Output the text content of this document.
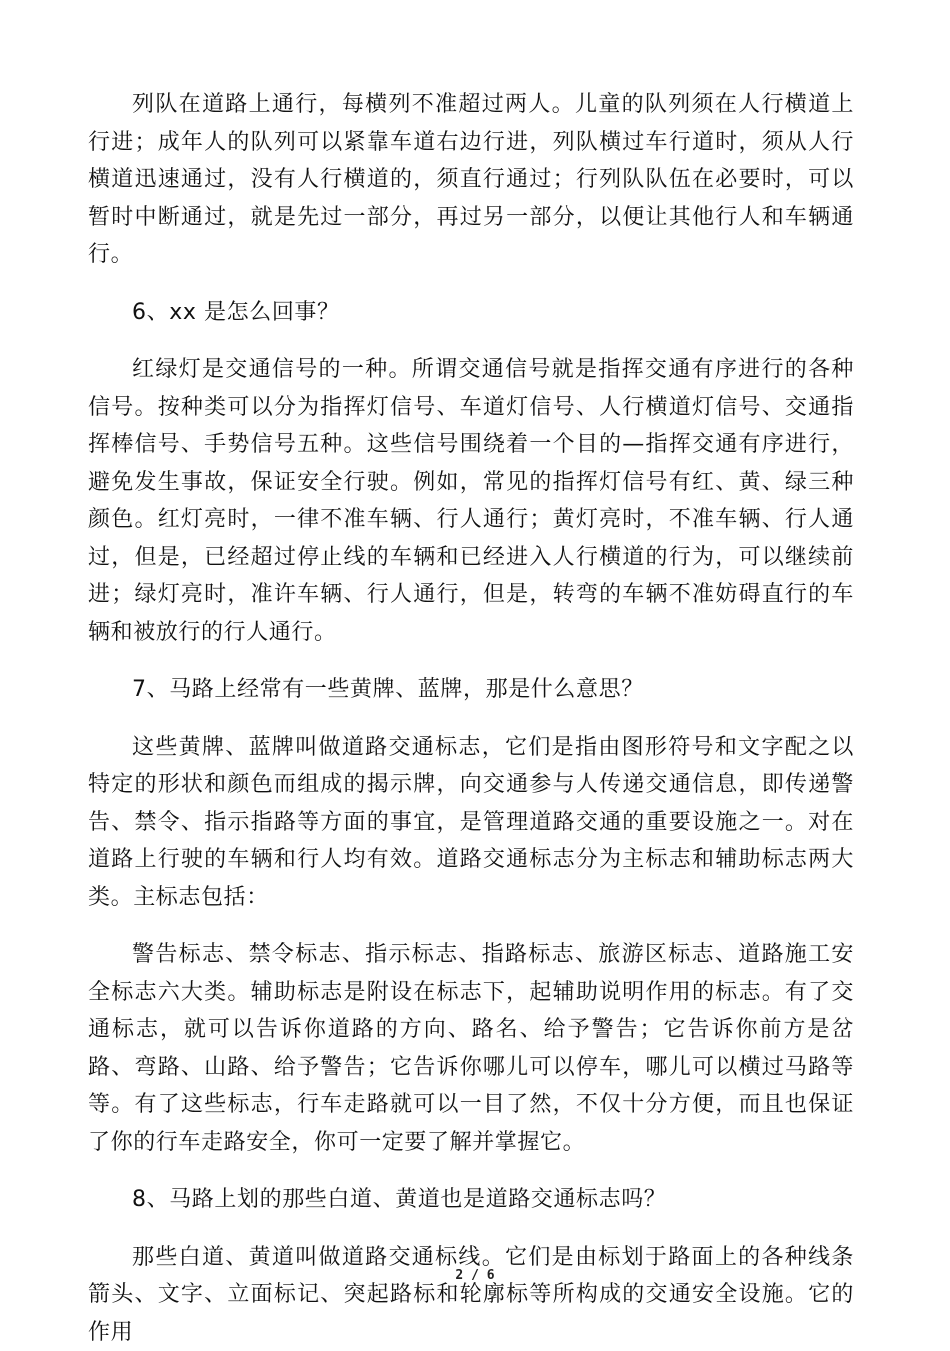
列队在道路上通行，每横列不准超过两人。儿童的队列须在人行横道上行进；成年人的队列可以紧靠车道右边行进，列队横过车行道时，须从人行横道迅速通过，没有人行横道的，须直行通过；行列队队伍在必要时，可以暂时中断通过，就是先过一部分，再过另一部分，以便让其他行人和车辆通行。

6、xx 是怎么回事？

红绿灯是交通信号的一种。所谓交通信号就是指挥交通有序进行的各种信号。按种类可以分为指挥灯信号、车道灯信号、人行横道灯信号、交通指挥棒信号、手势信号五种。这些信号围绕着一个目的—指挥交通有序进行，避免发生事故，保证安全行驶。例如，常见的指挥灯信号有红、黄、绿三种颜色。红灯亮时，一律不准车辆、行人通行；黄灯亮时，不准车辆、行人通过，但是，已经超过停止线的车辆和已经进入人行横道的行为，可以继续前进；绿灯亮时，准许车辆、行人通行，但是，转弯的车辆不准妨碍直行的车辆和被放行的行人通行。

7、马路上经常有一些黄牌、蓝牌，那是什么意思？

这些黄牌、蓝牌叫做道路交通标志，它们是指由图形符号和文字配之以特定的形状和颜色而组成的揭示牌，向交通参与人传递交通信息，即传递警告、禁令、指示指路等方面的事宜，是管理道路交通的重要设施之一。对在道路上行驶的车辆和行人均有效。道路交通标志分为主标志和辅助标志两大类。主标志包括：

警告标志、禁令标志、指示标志、指路标志、旅游区标志、道路施工安全标志六大类。辅助标志是附设在标志下，起辅助说明作用的标志。有了交通标志，就可以告诉你道路的方向、路名、给予警告；它告诉你前方是岔路、弯路、山路、给予警告；它告诉你哪儿可以停车，哪儿可以横过马路等等。有了这些标志，行车走路就可以一目了然，不仅十分方便，而且也保证了你的行车走路安全，你可一定要了解并掌握它。

8、马路上划的那些白道、黄道也是道路交通标志吗？

那些白道、黄道叫做道路交通标线。它们是由标划于路面上的各种线条箭头、文字、立面标记、突起路标和轮廓标等所构成的交通安全设施。它的作用

2 / 6
